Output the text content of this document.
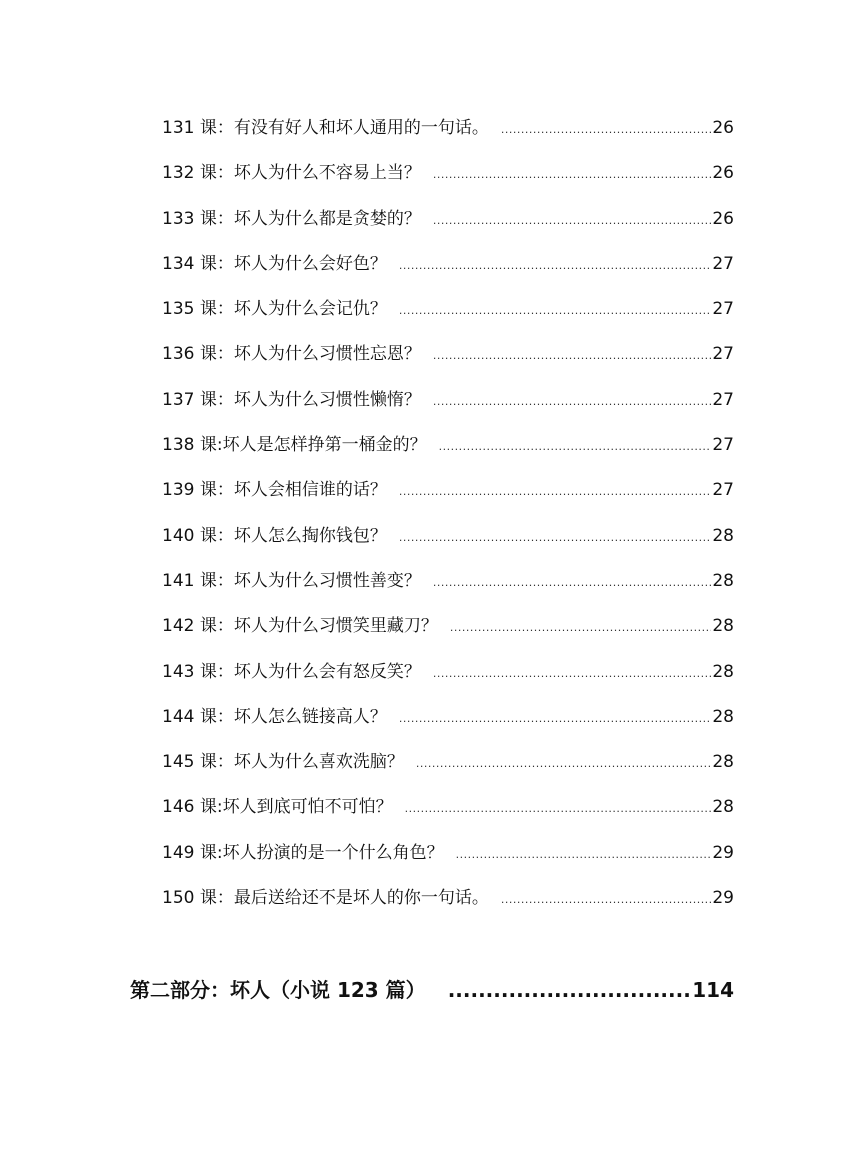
131 课：有没有好人和坏人通用的一句话。 .....	26
132 课：坏人为什么不容易上当？ .....	26
133 课：坏人为什么都是贪婪的？ .....	26
134 课：坏人为什么会好色？ .....	27
135 课：坏人为什么会记仇？ .....	27
136 课：坏人为什么习惯性忘恩？ .....	27
137 课：坏人为什么习惯性懒惰？ .....	27
138 课:坏人是怎样挣第一桶金的？ .....	27
139 课：坏人会相信谁的话？ .....	27
140 课：坏人怎么掏你钱包？ .....	28
141 课：坏人为什么习惯性善变？ .....	28
142 课：坏人为什么习惯笑里藏刀？ .....	28
143 课：坏人为什么会有怒反笑？ .....	28
144 课：坏人怎么链接高人？ .....	28
145 课：坏人为什么喜欢洗脑？ .....	28
146 课:坏人到底可怕不可怕？ .....	28
149 课:坏人扮演的是一个什么角色？ .....	29
150 课：最后送给还不是坏人的你一句话。 .....	29
第二部分：坏人（小说 123 篇） .....	114
